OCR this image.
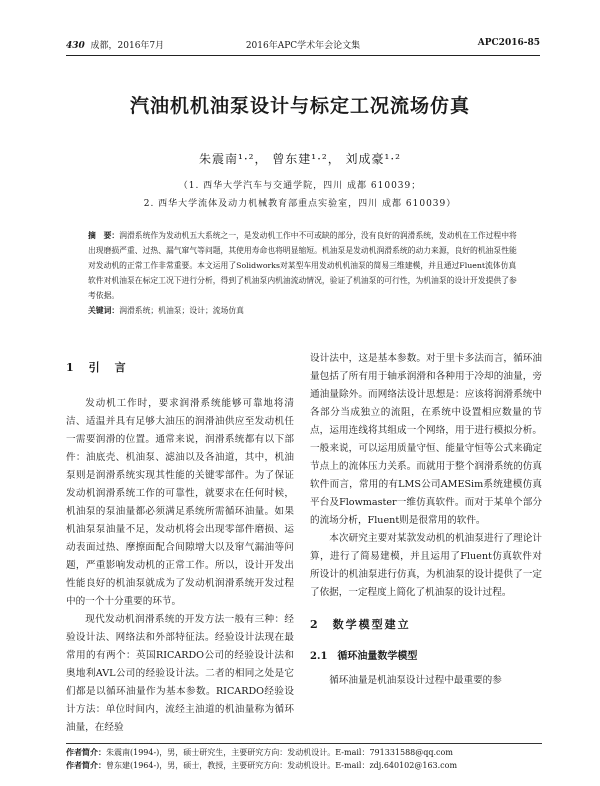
430 成都，2016年7月	2016年APC学术年会论文集	APC2016-85
汽油机机油泵设计与标定工况流场仿真
朱震南¹·²， 曾东建¹·²， 刘成豪¹·²
（1. 西华大学汽车与交通学院，四川 成都 610039；
2. 西华大学流体及动力机械教育部重点实验室，四川 成都 610039）

摘　要：润滑系统作为发动机五大系统之一，是发动机工作中不可或缺的部分，没有良好的润滑系统，发动机在工作过程中将出现磨损严重、过热、漏气窜气等问题，其使用寿命也将明显缩短。机油泵是发动机润滑系统的动力来源，良好的机油泵性能对发动机的正常工作非常重要。本文运用了Solidworks对某型车用发动机机油泵的简易三维建模，并且通过Fluent流体仿真软件对机油泵在标定工况下进行分析，得到了机油泵内机油流动情况，验证了机油泵的可行性，为机油泵的设计开发提供了参考依据。

关键词：润滑系统；机油泵；设计；流场仿真

1　引　言

发动机工作时，要求润滑系统能够可靠地将清洁、适温并具有足够大油压的润滑油供应至发动机任一需要润滑的位置。通常来说，润滑系统都有以下部件：油底壳、机油泵、滤油以及各油道，其中，机油泵则是润滑系统实现其性能的关键零部件。为了保证发动机润滑系统工作的可靠性，就要求在任何时候，机油泵的泵油量都必须满足系统所需循环油量。如果机油泵泵油量不足，发动机将会出现零部件磨损、运动表面过热、摩擦面配合间隙增大以及窜气漏油等问题，严重影响发动机的正常工作。所以，设计开发出性能良好的机油泵就成为了发动机润滑系统开发过程中的一个十分重要的环节。

现代发动机润滑系统的开发方法一般有三种：经验设计法、网络法和外部特征法。经验设计法现在最常用的有两个：英国RICARDO公司的经验设计法和奥地利AVL公司的经验设计法。二者的相同之处是它们都是以循环油量作为基本参数。RICARDO经验设计方法：单位时间内，流经主油道的机油量称为循环油量，在经验

设计法中，这是基本参数。对于里卡多法而言，循环油量包括了所有用于轴承润滑和各种用于冷却的油量，旁通油量除外。而网络法设计思想是：应该将润滑系统中各部分当成独立的流阻，在系统中设置相应数量的节点，运用连线将其组成一个网络，用于进行模拟分析。一般来说，可以运用质量守恒、能量守恒等公式来确定节点上的流体压力关系。而就用于整个润滑系统的仿真软件而言，常用的有LMS公司AMESim系统建模仿真平台及Flowmaster一维仿真软件。而对于某单个部分的流场分析，Fluent则是很常用的软件。

本次研究主要对某款发动机的机油泵进行了理论计算，进行了简易建模，并且运用了Fluent仿真软件对所设计的机油泵进行仿真，为机油泵的设计提供了一定了依据，一定程度上简化了机油泵的设计过程。

2　数学模型建立

2.1　循环油量数学模型

循环油量是机油泵设计过程中最重要的参

作者简介：朱震南(1994-)，男，硕士研究生，主要研究方向：发动机设计。E-mail：791331588@qq.com
作者简介：曾东建(1964-)，男，硕士，教授，主要研究方向：发动机设计。E-mail：zdj.640102@163.com
